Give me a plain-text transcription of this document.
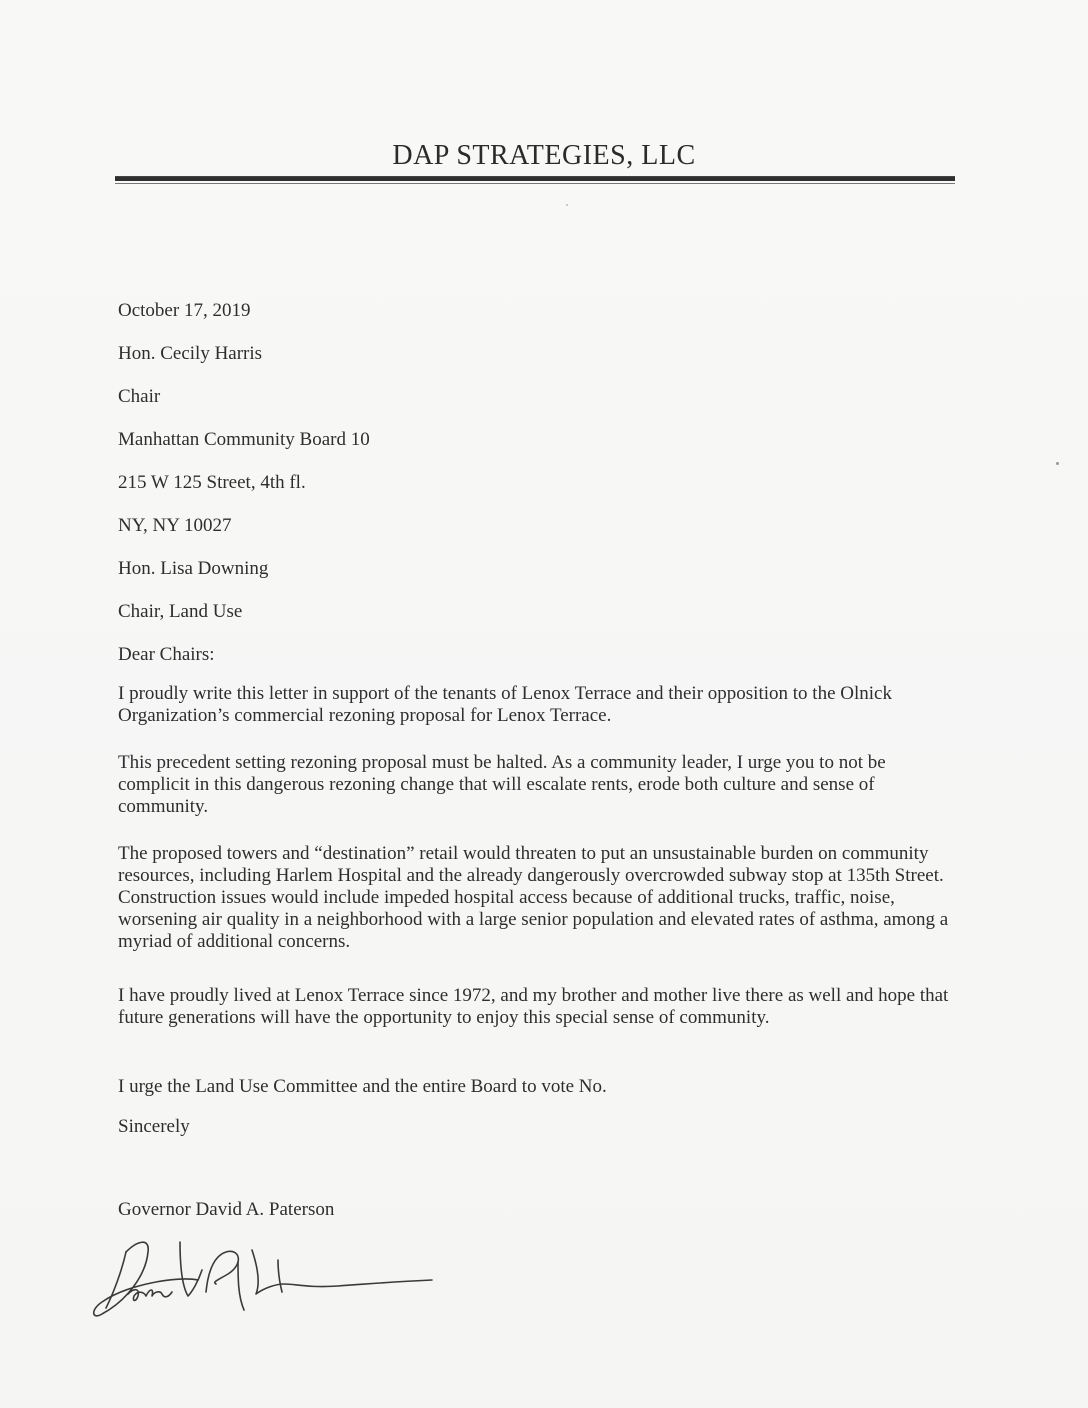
DAP STRATEGIES, LLC
October 17, 2019
Hon. Cecily Harris
Chair
Manhattan Community Board 10
215 W 125 Street, 4th fl.
NY, NY 10027
Hon. Lisa Downing
Chair, Land Use
Dear Chairs:
I proudly write this letter in support of the tenants of Lenox Terrace and their opposition to the Olnick Organization’s commercial rezoning proposal for Lenox Terrace.
This precedent setting rezoning proposal must be halted. As a community leader, I urge you to not be complicit in this dangerous rezoning change that will escalate rents, erode both culture and sense of community.
The proposed towers and “destination” retail would threaten to put an unsustainable burden on community resources, including Harlem Hospital and the already dangerously overcrowded subway stop at 135th Street. Construction issues would include impeded hospital access because of additional trucks, traffic, noise, worsening air quality in a neighborhood with a large senior population and elevated rates of asthma, among a myriad of additional concerns.
I have proudly lived at Lenox Terrace since 1972, and my brother and mother live there as well and hope that future generations will have the opportunity to enjoy this special sense of community.
I urge the Land Use Committee and the entire Board to vote No.
Sincerely
Governor David A. Paterson
